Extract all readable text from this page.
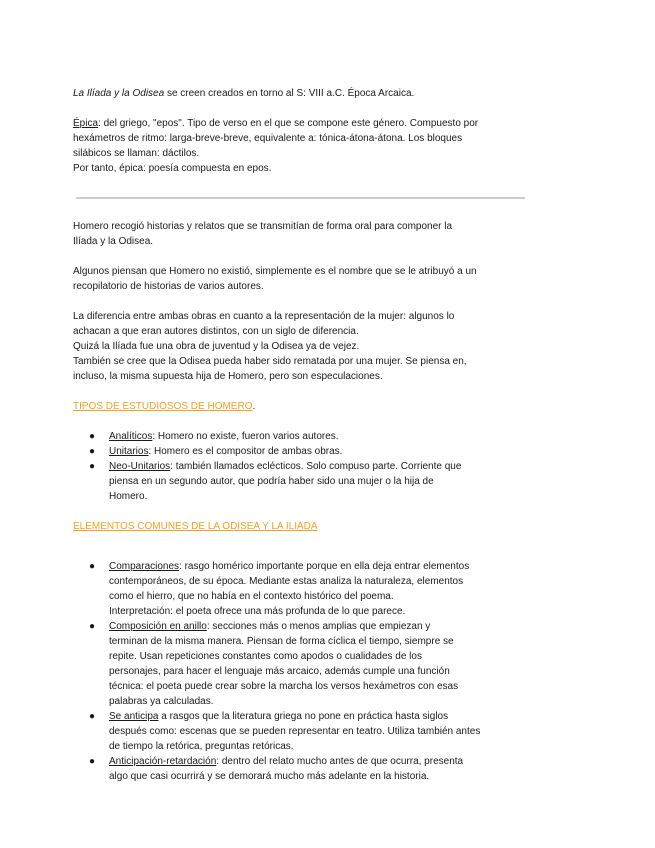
La Ilíada y la Odisea se creen creados en torno al S: VIII a.C. Época Arcaica.

Épica: del griego, "epos". Tipo de verso en el que se compone este género. Compuesto por
hexámetros de ritmo: larga-breve-breve, equivalente a: tónica-átona-átona. Los bloques
silábicos se llaman: dáctilos.
Por tanto, épica: poesía compuesta en epos.

Homero recogió historias y relatos que se transmitían de forma oral para componer la
Ilíada y la Odisea.

Algunos piensan que Homero no existió, simplemente es el nombre que se le atribuyó a un
recopilatorio de historias de varios autores.

La diferencia entre ambas obras en cuanto a la representación de la mujer: algunos lo
achacan a que eran autores distintos, con un siglo de diferencia.
Quizá la Ilíada fue una obra de juventud y la Odisea ya de vejez.
También se cree que la Odisea pueda haber sido rematada por una mujer. Se piensa en,
incluso, la misma supuesta hija de Homero, pero son especulaciones.

TIPOS DE ESTUDIOSOS DE HOMERO.

● Analíticos: Homero no existe, fueron varios autores.
● Unitarios: Homero es el compositor de ambas obras.
● Neo-Unitarios: también llamados eclécticos. Solo compuso parte. Corriente que
piensa en un segundo autor, que podría haber sido una mujer o la hija de
Homero.

ELEMENTOS COMUNES DE LA ODISEA Y LA ILIADA

● Comparaciones: rasgo homérico importante porque en ella deja entrar elementos
contemporáneos, de su época. Mediante estas analiza la naturaleza, elementos
como el hierro, que no había en el contexto histórico del poema.
Interpretación: el poeta ofrece una más profunda de lo que parece.
● Composición en anillo: secciones más o menos amplias que empiezan y
terminan de la misma manera. Piensan de forma cíclica el tiempo, siempre se
repite. Usan repeticiones constantes como apodos o cualidades de los
personajes, para hacer el lenguaje más arcaico, además cumple una función
técnica: el poeta puede crear sobre la marcha los versos hexámetros con esas
palabras ya calculadas.
● Se anticipa a rasgos que la literatura griega no pone en práctica hasta siglos
después como: escenas que se pueden representar en teatro. Utiliza también antes
de tiempo la retórica, preguntas retóricas.
● Anticipación-retardación: dentro del relato mucho antes de que ocurra, presenta
algo que casi ocurrirá y se demorará mucho más adelante en la historia.
